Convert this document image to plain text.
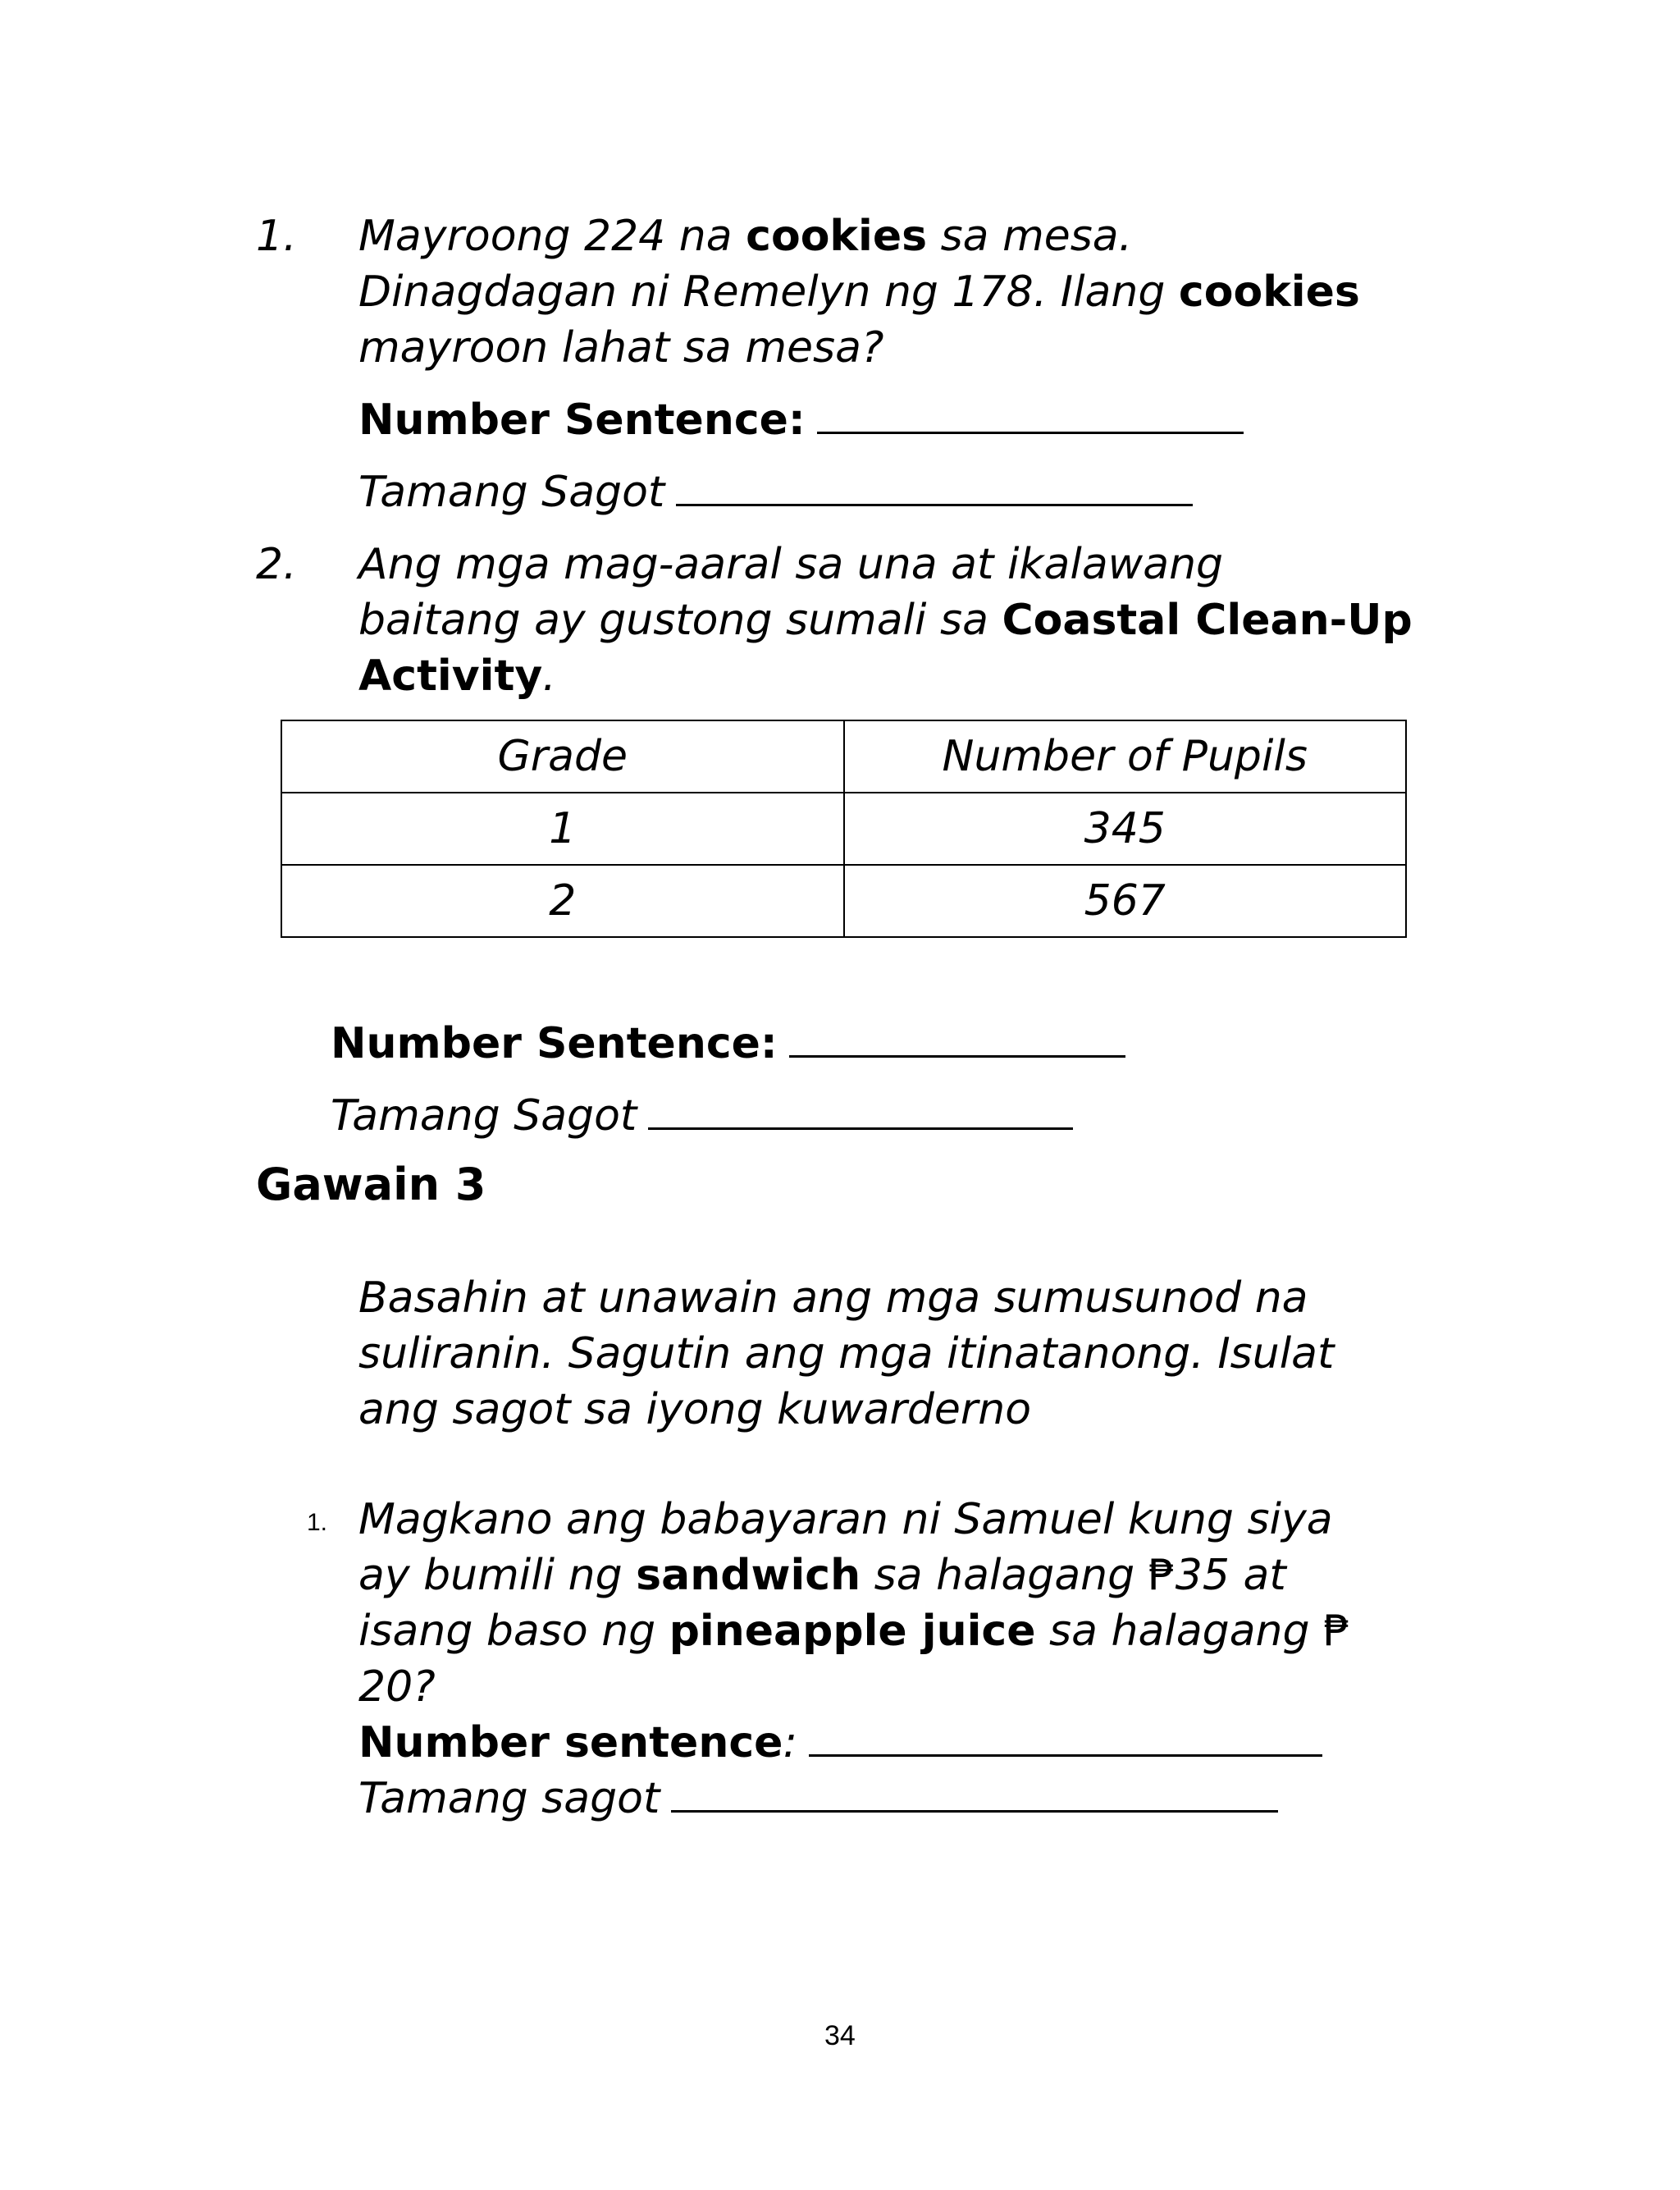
1. Mayroong 224 na cookies sa mesa.
Dinagdagan ni Remelyn ng 178. Ilang cookies
mayroon lahat sa mesa?
Number Sentence:
Tamang Sagot
2. Ang mga mag-aaral sa una at ikalawang
baitang ay gustong sumali sa Coastal Clean-Up
Activity.
Grade	Number of Pupils
1	345
2	567
Number Sentence:
Tamang Sagot
Gawain 3
Basahin at unawain ang mga sumusunod na
suliranin. Sagutin ang mga itinatanong. Isulat
ang sagot sa iyong kuwarderno
1. Magkano ang babayaran ni Samuel kung siya
ay bumili ng sandwich sa halagang ₱35 at
isang baso ng pineapple juice sa halagang ₱
20?
Number sentence:
Tamang sagot
34
